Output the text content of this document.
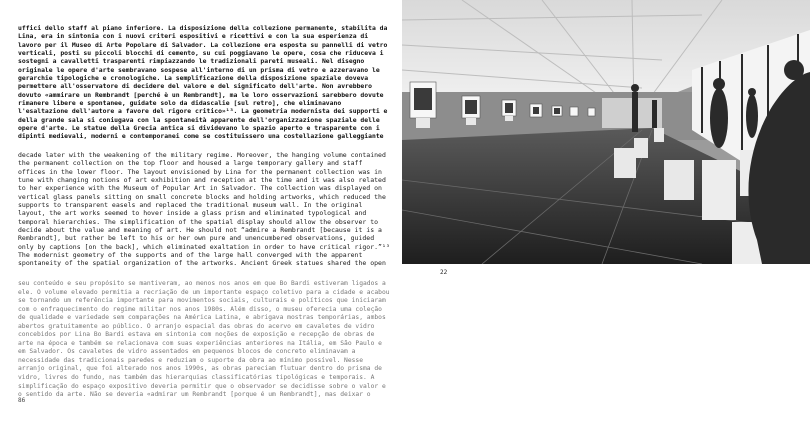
uffici dello staff al piano inferiore. La disposizione della collezione permanente, stabilita da
Lina, era in sintonia con i nuovi criteri espositivi e ricettivi e con la sua esperienza di
lavoro per il Museo di Arte Popolare di Salvador. La collezione era esposta su pannelli di vetro
verticali, posti su piccoli blocchi di cemento, su cui poggiavano le opere, cosa che riduceva i
sostegni a cavalletti trasparenti rimpiazzando le tradizionali pareti museali. Nel disegno
originale le opere d'arte sembravano sospese all'interno di un prisma di vetro e azzeravano le
gerarchie tipologiche e cronologiche. La semplificazione della disposizione spaziale doveva
permettere all'osservatore di decidere del valore e del significato dell'arte. Non avrebbero
dovuto «ammirare un Rembrandt [perché è un Rembrandt], ma le loro osservazioni sarebbero dovute
rimanere libere e spontanee, guidate solo da didascalie [sul retro], che eliminavano
l'esaltazione dell'autore a favore del rigore critico»¹³. La geometria modernista dei supporti e
della grande sala si coniugava con la spontaneità apparente dell'organizzazione spaziale delle
opere d'arte. Le statue della Grecia antica si dividevano lo spazio aperto e trasparente con i
dipinti medievali, moderni e contemporanei come se costituissero una costellazione galleggiante
decade later with the weakening of the military regime. Moreover, the hanging volume contained
the permanent collection on the top floor and housed a large temporary gallery and staff
offices in the lower floor. The layout envisioned by Lina for the permanent collection was in
tune with changing notions of art exhibition and reception at the time and it was also related
to her experience with the Museum of Popular Art in Salvador. The collection was displayed on
vertical glass panels sitting on small concrete blocks and holding artworks, which reduced the
supports to transparent easels and replaced the traditional museum wall. In the original
layout, the art works seemed to hover inside a glass prism and eliminated typological and
temporal hierarchies. The simplification of the spatial display should allow the observer to
decide about the value and meaning of art. He should not “admire a Rembrandt [because it is a
Rembrandt], but rather be left to his or her own pure and unencumbered observations, guided
only by captions [on the back], which eliminated exaltation in order to have critical rigor.”¹³
The modernist geometry of the supports and of the large hall converged with the apparent
spontaneity of the spatial organization of the artworks. Ancient Greek statues shared the open
seu conteúdo e seu propósito se mantiveram, ao menos nos anos em que Bo Bardi estiveram ligados a
ele. O volume elevado permitia a recriação de um importante espaço coletivo para a cidade e acabou
se tornando um referência importante para movimentos sociais, culturais e políticos que iniciaram
com o enfraquecimento do regime militar nos anos 1980s. Além disso, o museu oferecia uma coleção
de qualidade e variedade sem comparações na América Latina, e abrigava mostras temporárias, ambos
abertos gratuitamente ao público. O arranjo espacial das obras do acervo em cavaletes de vidro
concebidos por Lina Bo Bardi estava em sintonia com noções de exposição e recepção de obras de
arte na época e também se relacionava com suas experiências anteriores na Itália, em São Paulo e
em Salvador. Os cavaletes de vidro assentados em pequenos blocos de concreto eliminavam a
necessidade das tradicionais paredes e reduziam o suporte da obra ao mínimo possível. Nesse
arranjo original, que foi alterado nos anos 1990s, as obras pareciam flutuar dentro do prisma de
vidro, livres do fundo, nas também das hierarquias classificatórias tipológicas e temporais. A
simplificação do espaço expositivo deveria permitir que o observador se decidisse sobre o valor e
o sentido da arte. Não se deveria «admirar um Rembrandt [porque é um Rembrandt], mas deixar o
86
22
